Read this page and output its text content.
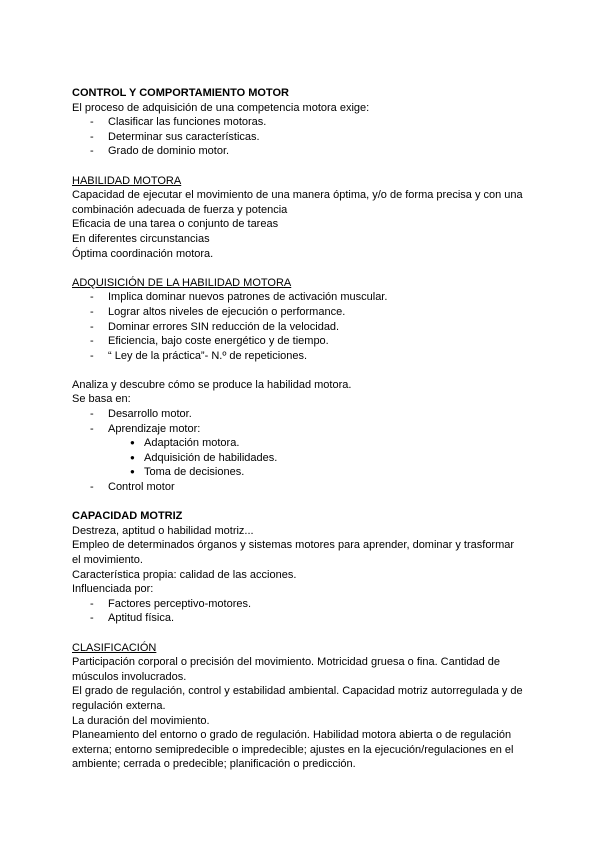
CONTROL Y COMPORTAMIENTO MOTOR

El proceso de adquisición de una competencia motora exige:

- Clasificar las funciones motoras.
- Determinar sus características.
- Grado de dominio motor.

HABILIDAD MOTORA

Capacidad de ejecutar el movimiento de una manera óptima, y/o de forma precisa y con una

combinación adecuada de fuerza y potencia

Eficacia de una tarea o conjunto de tareas

En diferentes circunstancias

Óptima coordinación motora.

ADQUISICIÓN DE LA HABILIDAD MOTORA

- Implica dominar nuevos patrones de activación muscular.
- Lograr altos niveles de ejecución o performance.
- Dominar errores SIN reducción de la velocidad.
- Eficiencia, bajo coste energético y de tiempo.
- “ Ley de la práctica”- N.º de repeticiones.

Analiza y descubre cómo se produce la habilidad motora.

Se basa en:

- Desarrollo motor.
- Aprendizaje motor:
● Adaptación motora.
● Adquisición de habilidades.
● Toma de decisiones.
- Control motor
CAPACIDAD MOTRIZ

Destreza, aptitud o habilidad motriz...

Empleo de determinados órganos y sistemas motores para aprender, dominar y trasformar

el movimiento.

Característica propia: calidad de las acciones.

Influenciada por:

- Factores perceptivo-motores.
- Aptitud física.

CLASIFICACIÓN

Participación corporal o precisión del movimiento. Motricidad gruesa o fina. Cantidad de

músculos involucrados.

El grado de regulación, control y estabilidad ambiental. Capacidad motriz autorregulada y de

regulación externa.

La duración del movimiento.

Planeamiento del entorno o grado de regulación. Habilidad motora abierta o de regulación

externa; entorno semipredecible o impredecible; ajustes en la ejecución/regulaciones en el

ambiente; cerrada o predecible; planificación o predicción.
